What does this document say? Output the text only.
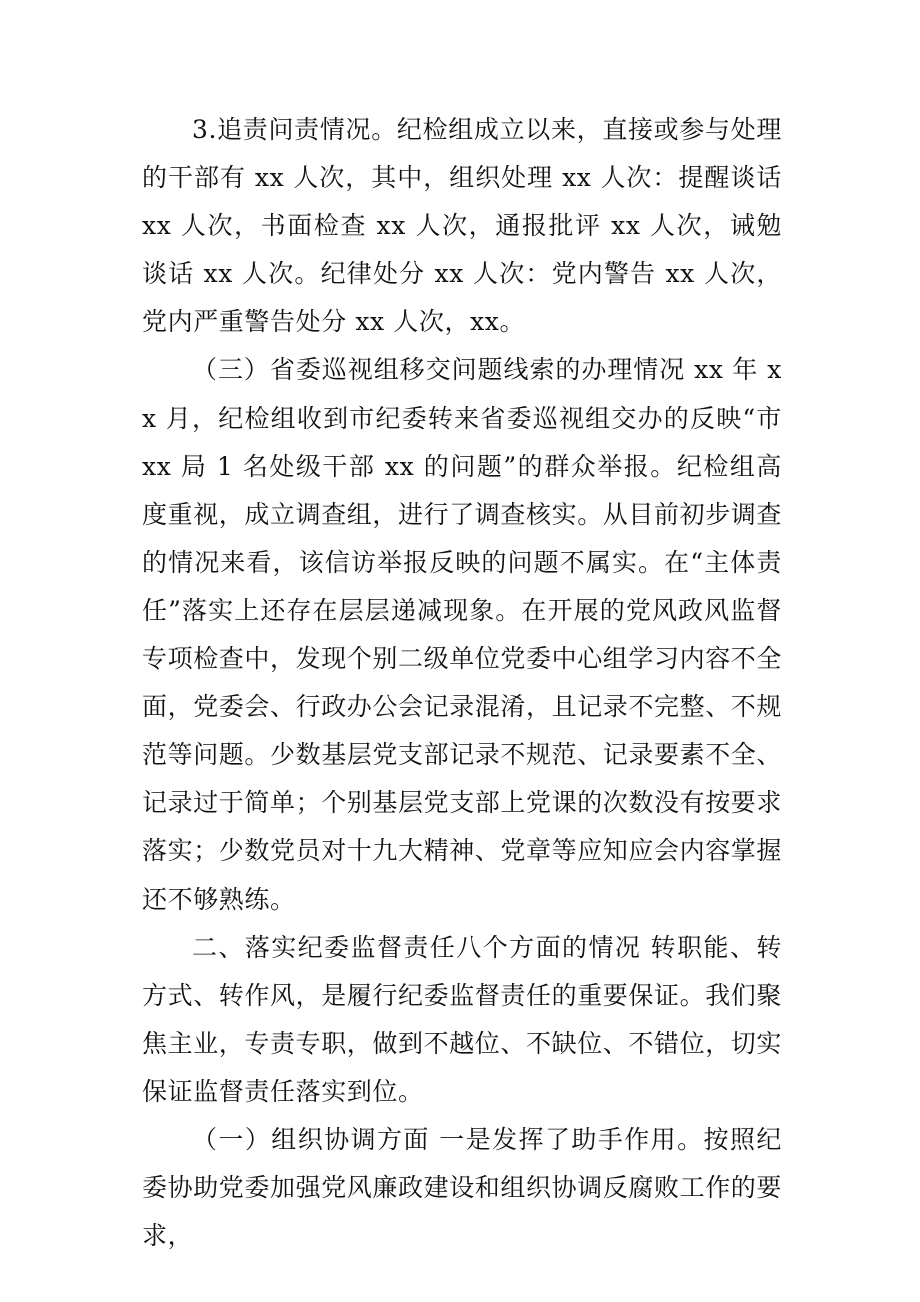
3.追责问责情况。纪检组成立以来，直接或参与处理的干部有 xx 人次，其中，组织处理 xx 人次：提醒谈话 xx 人次，书面检查 xx 人次，通报批评 xx 人次，诫勉谈话 xx 人次。纪律处分 xx 人次：党内警告 xx 人次，党内严重警告处分 xx 人次，xx。

（三）省委巡视组移交问题线索的办理情况 xx 年 xx 月，纪检组收到市纪委转来省委巡视组交办的反映“市 xx 局 1 名处级干部 xx 的问题”的群众举报。纪检组高度重视，成立调查组，进行了调查核实。从目前初步调查的情况来看，该信访举报反映的问题不属实。在“主体责任”落实上还存在层层递减现象。在开展的党风政风监督专项检查中，发现个别二级单位党委中心组学习内容不全面，党委会、行政办公会记录混淆，且记录不完整、不规范等问题。少数基层党支部记录不规范、记录要素不全、记录过于简单；个别基层党支部上党课的次数没有按要求落实；少数党员对十九大精神、党章等应知应会内容掌握还不够熟练。

二、落实纪委监督责任八个方面的情况 转职能、转方式、转作风，是履行纪委监督责任的重要保证。我们聚焦主业，专责专职，做到不越位、不缺位、不错位，切实保证监督责任落实到位。

（一）组织协调方面 一是发挥了助手作用。按照纪委协助党委加强党风廉政建设和组织协调反腐败工作的要求，
